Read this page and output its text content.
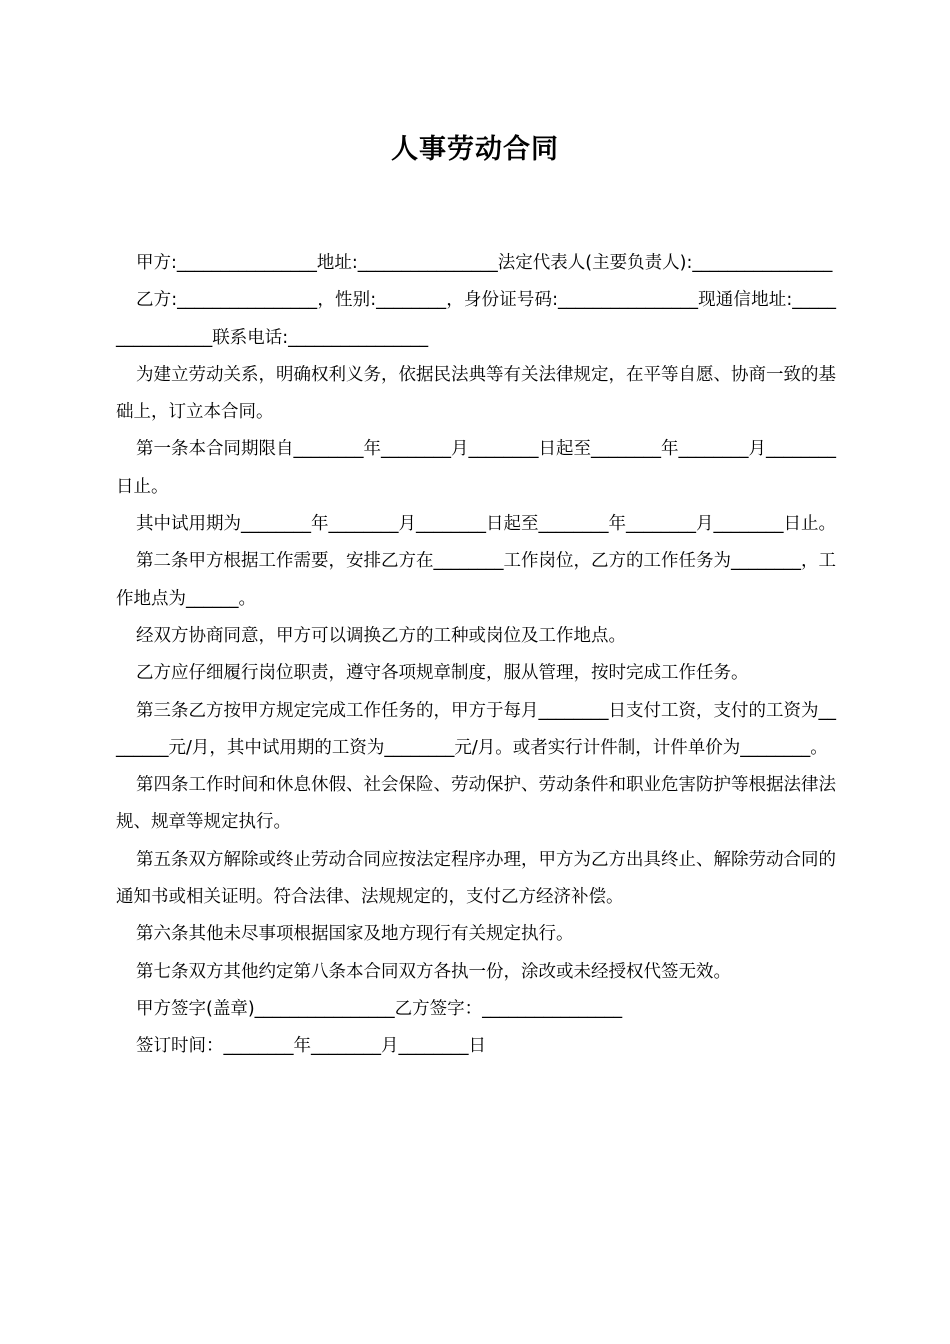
人事劳动合同

甲方:________________地址:________________法定代表人(主要负责人):________________

乙方:________________，性别:________，身份证号码:________________现通信地址:________________联系电话:________________

为建立劳动关系，明确权利义务，依据民法典等有关法律规定，在平等自愿、协商一致的基础上，订立本合同。

第一条本合同期限自________年________月________日起至________年________月________日止。

其中试用期为________年________月________日起至________年________月________日止。

第二条甲方根据工作需要，安排乙方在________工作岗位，乙方的工作任务为________，工作地点为______。

经双方协商同意，甲方可以调换乙方的工种或岗位及工作地点。

乙方应仔细履行岗位职责，遵守各项规章制度，服从管理，按时完成工作任务。

第三条乙方按甲方规定完成工作任务的，甲方于每月________日支付工资，支付的工资为________元/月，其中试用期的工资为________元/月。或者实行计件制，计件单价为________。

第四条工作时间和休息休假、社会保险、劳动保护、劳动条件和职业危害防护等根据法律法规、规章等规定执行。

第五条双方解除或终止劳动合同应按法定程序办理，甲方为乙方出具终止、解除劳动合同的通知书或相关证明。符合法律、法规规定的，支付乙方经济补偿。

第六条其他未尽事项根据国家及地方现行有关规定执行。

第七条双方其他约定第八条本合同双方各执一份，涂改或未经授权代签无效。

甲方签字(盖章)________________乙方签字：________________

签订时间：________年________月________日
